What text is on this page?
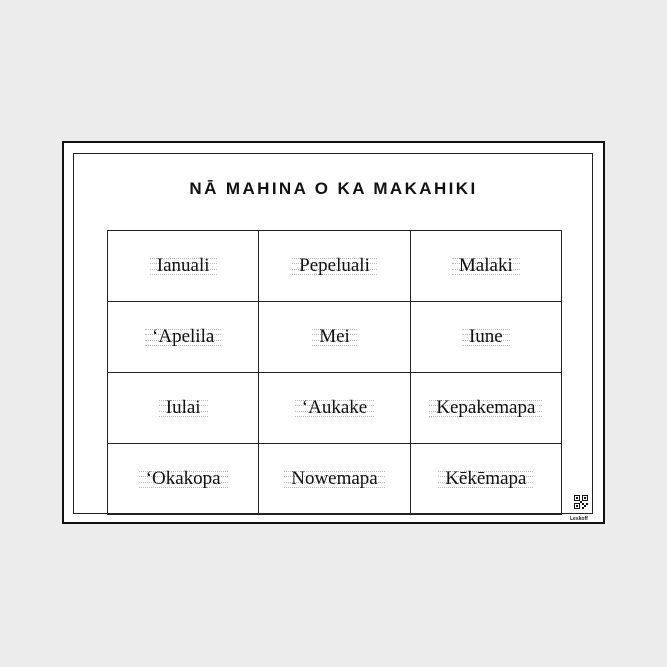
NĀ MAHINA O KA MAKAHIKI
Ianuali	Pepeluali	Malaki
‘Apelila	Mei	Iune
Iulai	‘Aukake	Kepakemapa
‘Okakopa	Nowemapa	Kēkēmapa
Leskoff
